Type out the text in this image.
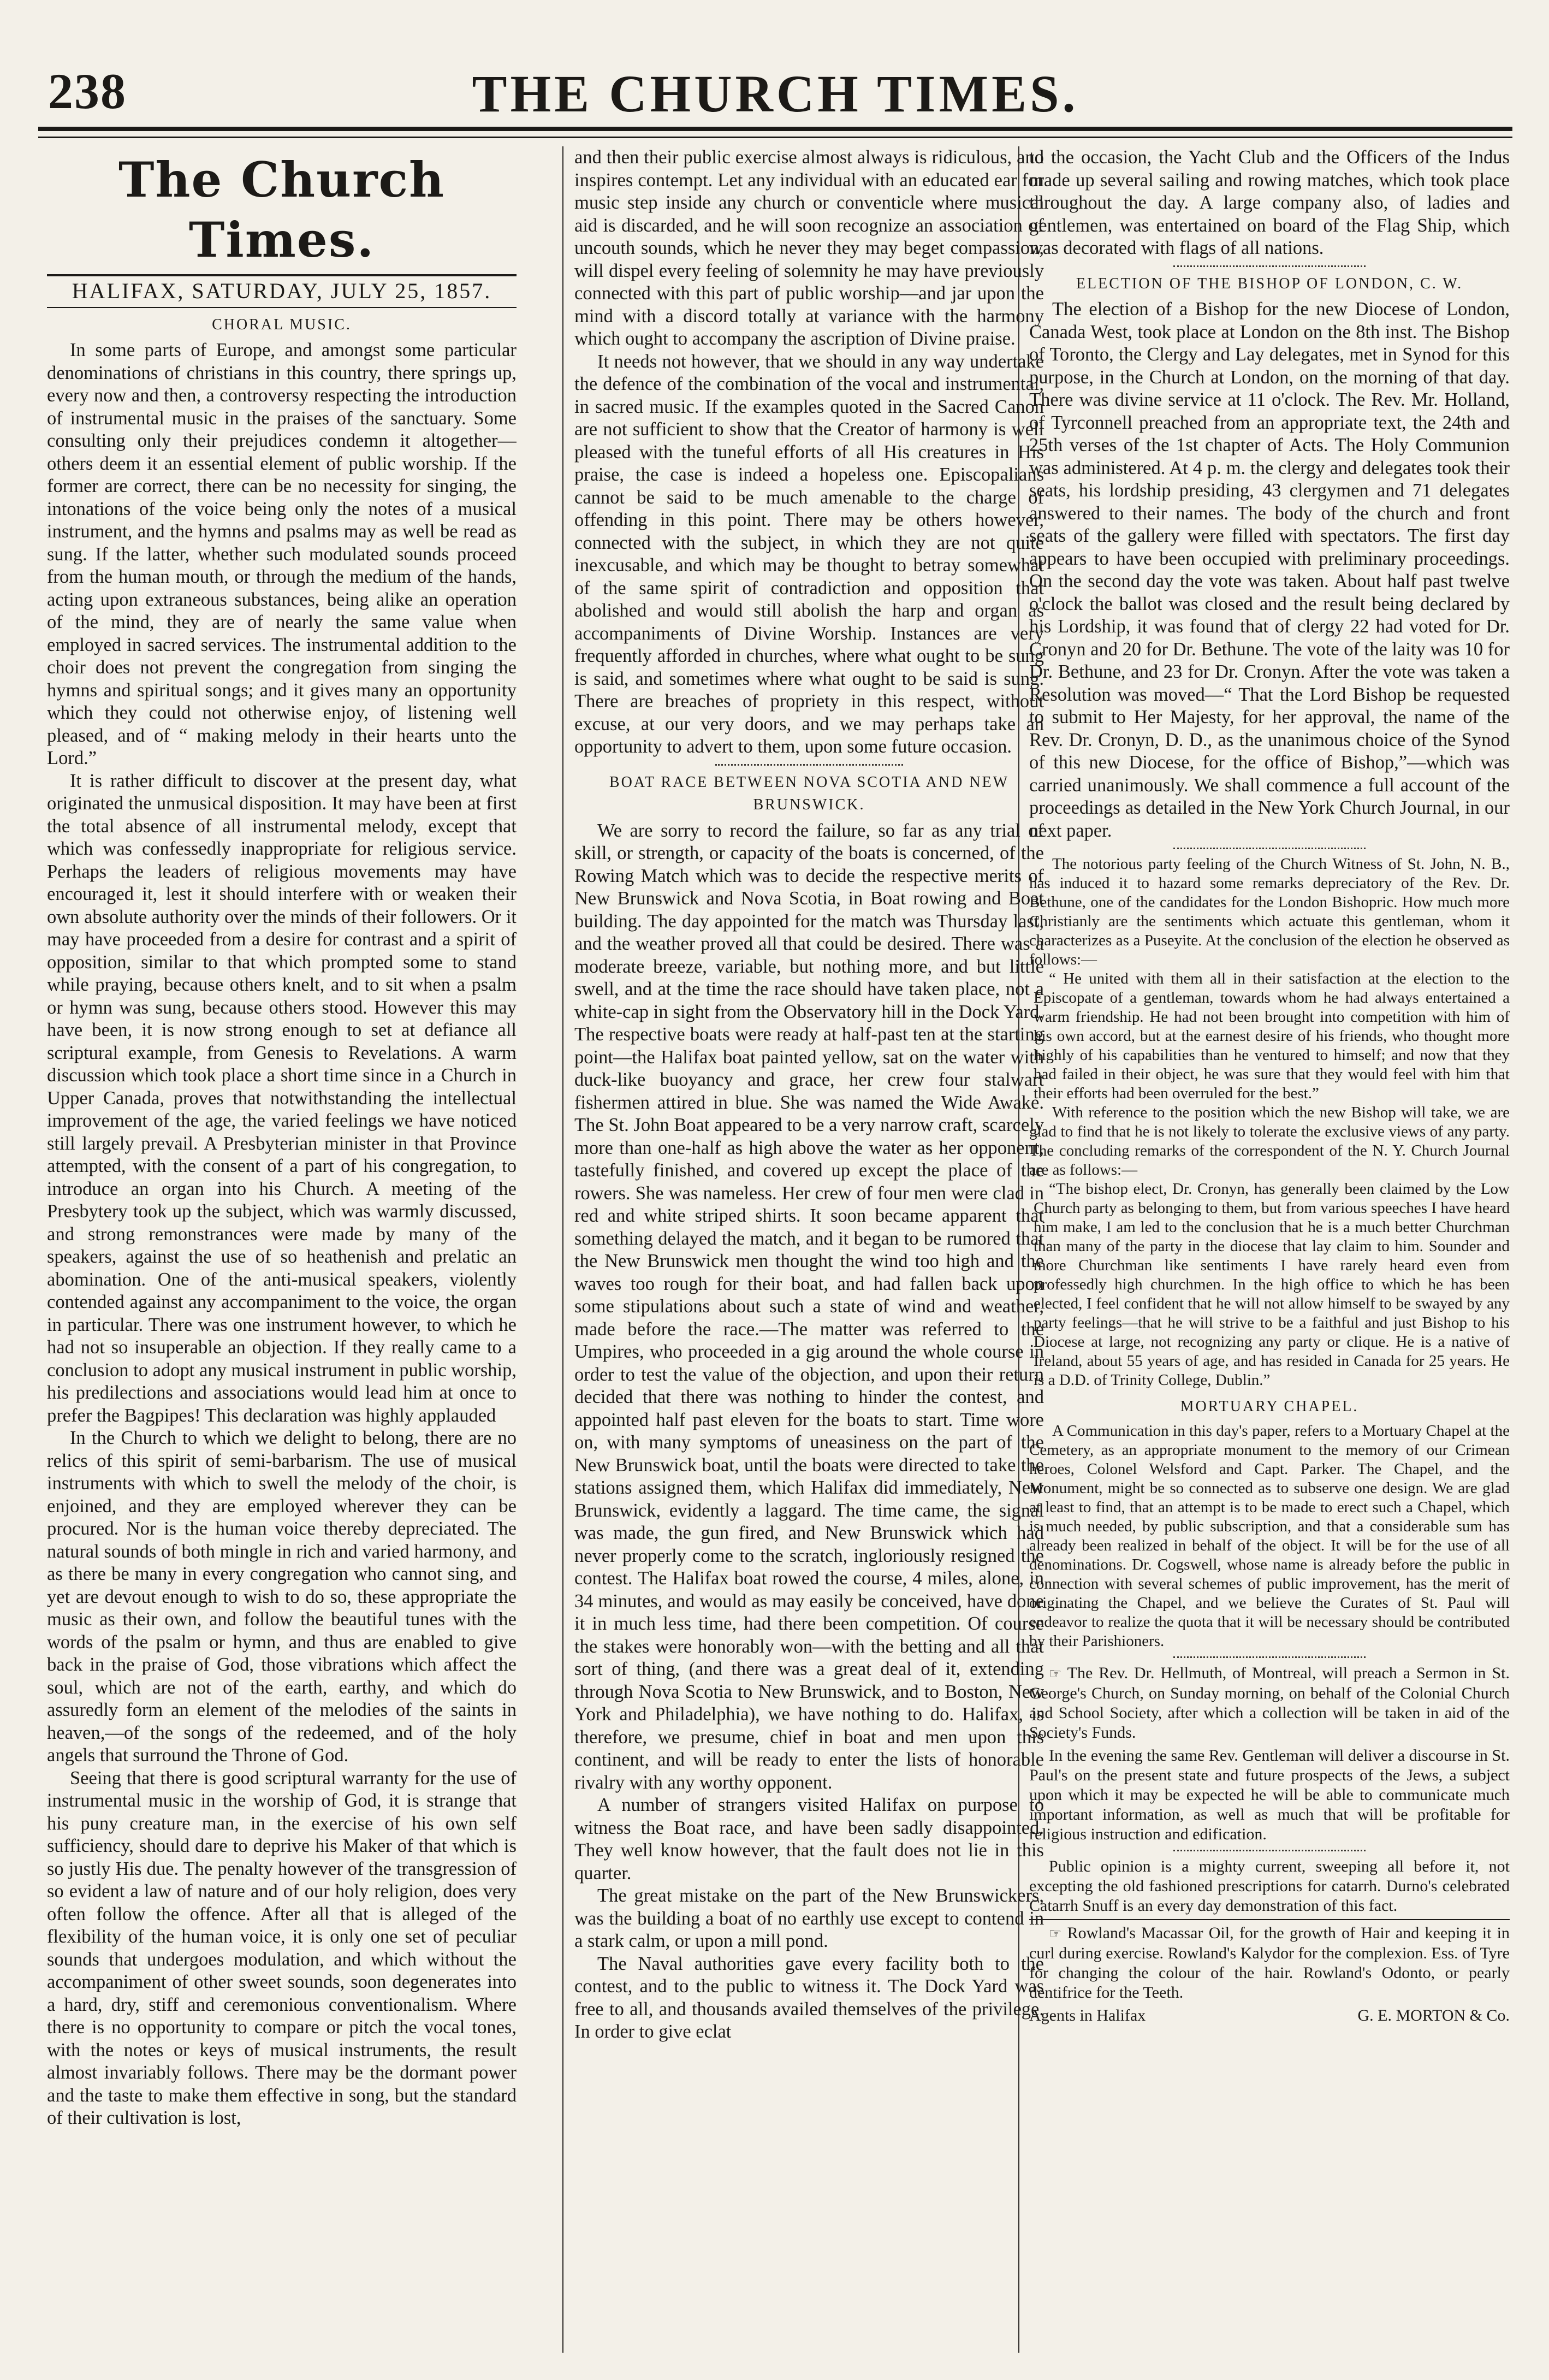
238	THE CHURCH TIMES.
The Church Times.
HALIFAX, SATURDAY, JULY 25, 1857.
CHORAL MUSIC.

In some parts of Europe, and amongst some particular denominations of christians in this country, there springs up, every now and then, a controversy respecting the introduction of instrumental music in the praises of the sanctuary. Some consulting only their prejudices condemn it altogether—others deem it an essential element of public worship. If the former are correct, there can be no necessity for singing, the intonations of the voice being only the notes of a musical instrument, and the hymns and psalms may as well be read as sung. If the latter, whether such modulated sounds proceed from the human mouth, or through the medium of the hands, acting upon extraneous substances, being alike an operation of the mind, they are of nearly the same value when employed in sacred services. The instrumental addition to the choir does not prevent the congregation from singing the hymns and spiritual songs; and it gives many an opportunity which they could not otherwise enjoy, of listening well pleased, and of “ making melody in their hearts unto the Lord.”

It is rather difficult to discover at the present day, what originated the unmusical disposition. It may have been at first the total absence of all instrumental melody, except that which was confessedly inappropriate for religious service. Perhaps the leaders of religious movements may have encouraged it, lest it should interfere with or weaken their own absolute authority over the minds of their followers. Or it may have proceeded from a desire for contrast and a spirit of opposition, similar to that which prompted some to stand while praying, because others knelt, and to sit when a psalm or hymn was sung, because others stood. However this may have been, it is now strong enough to set at defiance all scriptural example, from Genesis to Revelations. A warm discussion which took place a short time since in a Church in Upper Canada, proves that notwithstanding the intellectual improvement of the age, the varied feelings we have noticed still largely prevail. A Presbyterian minister in that Province attempted, with the consent of a part of his congregation, to introduce an organ into his Church. A meeting of the Presbytery took up the subject, which was warmly discussed, and strong remonstrances were made by many of the speakers, against the use of so heathenish and prelatic an abomination. One of the anti-musical speakers, violently contended against any accompaniment to the voice, the organ in particular. There was one instrument however, to which he had not so insuperable an objection. If they really came to a conclusion to adopt any musical instrument in public worship, his predilections and associations would lead him at once to prefer the Bagpipes! This declaration was highly applauded

In the Church to which we delight to belong, there are no relics of this spirit of semi-barbarism. The use of musical instruments with which to swell the melody of the choir, is enjoined, and they are employed wherever they can be procured. Nor is the human voice thereby depreciated. The natural sounds of both mingle in rich and varied harmony, and as there be many in every congregation who cannot sing, and yet are devout enough to wish to do so, these appropriate the music as their own, and follow the beautiful tunes with the words of the psalm or hymn, and thus are enabled to give back in the praise of God, those vibrations which affect the soul, which are not of the earth, earthy, and which do assuredly form an element of the melodies of the saints in heaven,—of the songs of the redeemed, and of the holy angels that surround the Throne of God.

Seeing that there is good scriptural warranty for the use of instrumental music in the worship of God, it is strange that his puny creature man, in the exercise of his own self sufficiency, should dare to deprive his Maker of that which is so justly His due. The penalty however of the transgression of so evident a law of nature and of our holy religion, does very often follow the offence. After all that is alleged of the flexibility of the human voice, it is only one set of peculiar sounds that undergoes modulation, and which without the accompaniment of other sweet sounds, soon degenerates into a hard, dry, stiff and ceremonious conventionalism. Where there is no opportunity to compare or pitch the vocal tones, with the notes or keys of musical instruments, the result almost invariably follows. There may be the dormant power and the taste to make them effective in song, but the standard of their cultivation is lost,

and then their public exercise almost always is ridiculous, and inspires contempt. Let any individual with an educated ear for music step inside any church or conventicle where musical aid is discarded, and he will soon recognize an association of uncouth sounds, which he never they may beget compassion, will dispel every feeling of solemnity he may have previously connected with this part of public worship—and jar upon the mind with a discord totally at variance with the harmony which ought to accompany the ascription of Divine praise.

It needs not however, that we should in any way undertake the defence of the combination of the vocal and instrumental, in sacred music. If the examples quoted in the Sacred Canon are not sufficient to show that the Creator of harmony is well pleased with the tuneful efforts of all His creatures in His praise, the case is indeed a hopeless one. Episcopalians cannot be said to be much amenable to the charge of offending in this point. There may be others however, connected with the subject, in which they are not quite inexcusable, and which may be thought to betray somewhat of the same spirit of contradiction and opposition that abolished and would still abolish the harp and organ as accompaniments of Divine Worship. Instances are very frequently afforded in churches, where what ought to be sung is said, and sometimes where what ought to be said is sung. There are breaches of propriety in this respect, without excuse, at our very doors, and we may perhaps take an opportunity to advert to them, upon some future occasion.

BOAT RACE BETWEEN NOVA SCOTIA AND NEW BRUNSWICK.

We are sorry to record the failure, so far as any trial of skill, or strength, or capacity of the boats is concerned, of the Rowing Match which was to decide the respective merits of New Brunswick and Nova Scotia, in Boat rowing and Boat building. The day appointed for the match was Thursday last, and the weather proved all that could be desired. There was a moderate breeze, variable, but nothing more, and but little swell, and at the time the race should have taken place, not a white-cap in sight from the Observatory hill in the Dock Yard. The respective boats were ready at half-past ten at the starting point—the Halifax boat painted yellow, sat on the water with duck-like buoyancy and grace, her crew four stalwart fishermen attired in blue. She was named the Wide Awake. The St. John Boat appeared to be a very narrow craft, scarcely more than one-half as high above the water as her opponent, tastefully finished, and covered up except the place of the rowers. She was nameless. Her crew of four men were clad in red and white striped shirts. It soon became apparent that something delayed the match, and it began to be rumored that the New Brunswick men thought the wind too high and the waves too rough for their boat, and had fallen back upon some stipulations about such a state of wind and weather, made before the race.—The matter was referred to the Umpires, who proceeded in a gig around the whole course in order to test the value of the objection, and upon their return decided that there was nothing to hinder the contest, and appointed half past eleven for the boats to start. Time wore on, with many symptoms of uneasiness on the part of the New Brunswick boat, until the boats were directed to take the stations assigned them, which Halifax did immediately, New Brunswick, evidently a laggard. The time came, the signal was made, the gun fired, and New Brunswick which had never properly come to the scratch, ingloriously resigned the contest. The Halifax boat rowed the course, 4 miles, alone, in 34 minutes, and would as may easily be conceived, have done it in much less time, had there been competition. Of course the stakes were honorably won—with the betting and all that sort of thing, (and there was a great deal of it, extending through Nova Scotia to New Brunswick, and to Boston, New York and Philadelphia), we have nothing to do. Halifax, is therefore, we presume, chief in boat and men upon this continent, and will be ready to enter the lists of honorable rivalry with any worthy opponent.

A number of strangers visited Halifax on purpose to witness the Boat race, and have been sadly disappointed. They well know however, that the fault does not lie in this quarter.

The great mistake on the part of the New Brunswickers, was the building a boat of no earthly use except to contend in a stark calm, or upon a mill pond.

The Naval authorities gave every facility both to the contest, and to the public to witness it. The Dock Yard was free to all, and thousands availed themselves of the privilege. In order to give eclat

to the occasion, the Yacht Club and the Officers of the Indus made up several sailing and rowing matches, which took place throughout the day. A large company also, of ladies and gentlemen, was entertained on board of the Flag Ship, which was decorated with flags of all nations.

ELECTION OF THE BISHOP OF LONDON, C. W.

The election of a Bishop for the new Diocese of London, Canada West, took place at London on the 8th inst. The Bishop of Toronto, the Clergy and Lay delegates, met in Synod for this purpose, in the Church at London, on the morning of that day. There was divine service at 11 o'clock. The Rev. Mr. Holland, of Tyrconnell preached from an appropriate text, the 24th and 25th verses of the 1st chapter of Acts. The Holy Communion was administered. At 4 p. m. the clergy and delegates took their seats, his lordship presiding, 43 clergymen and 71 delegates answered to their names. The body of the church and front seats of the gallery were filled with spectators. The first day appears to have been occupied with preliminary proceedings. On the second day the vote was taken. About half past twelve o'clock the ballot was closed and the result being declared by his Lordship, it was found that of clergy 22 had voted for Dr. Cronyn and 20 for Dr. Bethune. The vote of the laity was 10 for Dr. Bethune, and 23 for Dr. Cronyn. After the vote was taken a Resolution was moved—“ That the Lord Bishop be requested to submit to Her Majesty, for her approval, the name of the Rev. Dr. Cronyn, D. D., as the unanimous choice of the Synod of this new Diocese, for the office of Bishop,”—which was carried unanimously. We shall commence a full account of the proceedings as detailed in the New York Church Journal, in our next paper.

The notorious party feeling of the Church Witness of St. John, N. B., has induced it to hazard some remarks depreciatory of the Rev. Dr. Bethune, one of the candidates for the London Bishopric. How much more Christianly are the sentiments which actuate this gentleman, whom it characterizes as a Puseyite. At the conclusion of the election he observed as follows:—

“ He united with them all in their satisfaction at the election to the Episcopate of a gentleman, towards whom he had always entertained a warm friendship. He had not been brought into competition with him of his own accord, but at the earnest desire of his friends, who thought more highly of his capabilities than he ventured to himself; and now that they had failed in their object, he was sure that they would feel with him that their efforts had been overruled for the best.”

With reference to the position which the new Bishop will take, we are glad to find that he is not likely to tolerate the exclusive views of any party. The concluding remarks of the correspondent of the N. Y. Church Journal are as follows:—

“The bishop elect, Dr. Cronyn, has generally been claimed by the Low Church party as belonging to them, but from various speeches I have heard him make, I am led to the conclusion that he is a much better Churchman than many of the party in the diocese that lay claim to him. Sounder and more Churchman like sentiments I have rarely heard even from professedly high churchmen. In the high office to which he has been elected, I feel confident that he will not allow himself to be swayed by any party feelings—that he will strive to be a faithful and just Bishop to his Diocese at large, not recognizing any party or clique. He is a native of Ireland, about 55 years of age, and has resided in Canada for 25 years. He is a D.D. of Trinity College, Dublin.”

MORTUARY CHAPEL.

A Communication in this day's paper, refers to a Mortuary Chapel at the Cemetery, as an appropriate monument to the memory of our Crimean heroes, Colonel Welsford and Capt. Parker. The Chapel, and the Monument, might be so connected as to subserve one design. We are glad at least to find, that an attempt is to be made to erect such a Chapel, which is much needed, by public subscription, and that a considerable sum has already been realized in behalf of the object. It will be for the use of all denominations. Dr. Cogswell, whose name is already before the public in connection with several schemes of public improvement, has the merit of originating the Chapel, and we believe the Curates of St. Paul will endeavor to realize the quota that it will be necessary should be contributed by their Parishioners.

☞ The Rev. Dr. Hellmuth, of Montreal, will preach a Sermon in St. George's Church, on Sunday morning, on behalf of the Colonial Church and School Society, after which a collection will be taken in aid of the Society's Funds.

In the evening the same Rev. Gentleman will deliver a discourse in St. Paul's on the present state and future prospects of the Jews, a subject upon which it may be expected he will be able to communicate much important information, as well as much that will be profitable for religious instruction and edification.

Public opinion is a mighty current, sweeping all before it, not excepting the old fashioned prescriptions for catarrh. Durno's celebrated Catarrh Snuff is an every day demonstration of this fact.

☞ Rowland's Macassar Oil, for the growth of Hair and keeping it in curl during exercise. Rowland's Kalydor for the complexion. Ess. of Tyre for changing the colour of the hair. Rowland's Odonto, or pearly dentifrice for the Teeth.

Agents in Halifax	G. E. MORTON & Co.
